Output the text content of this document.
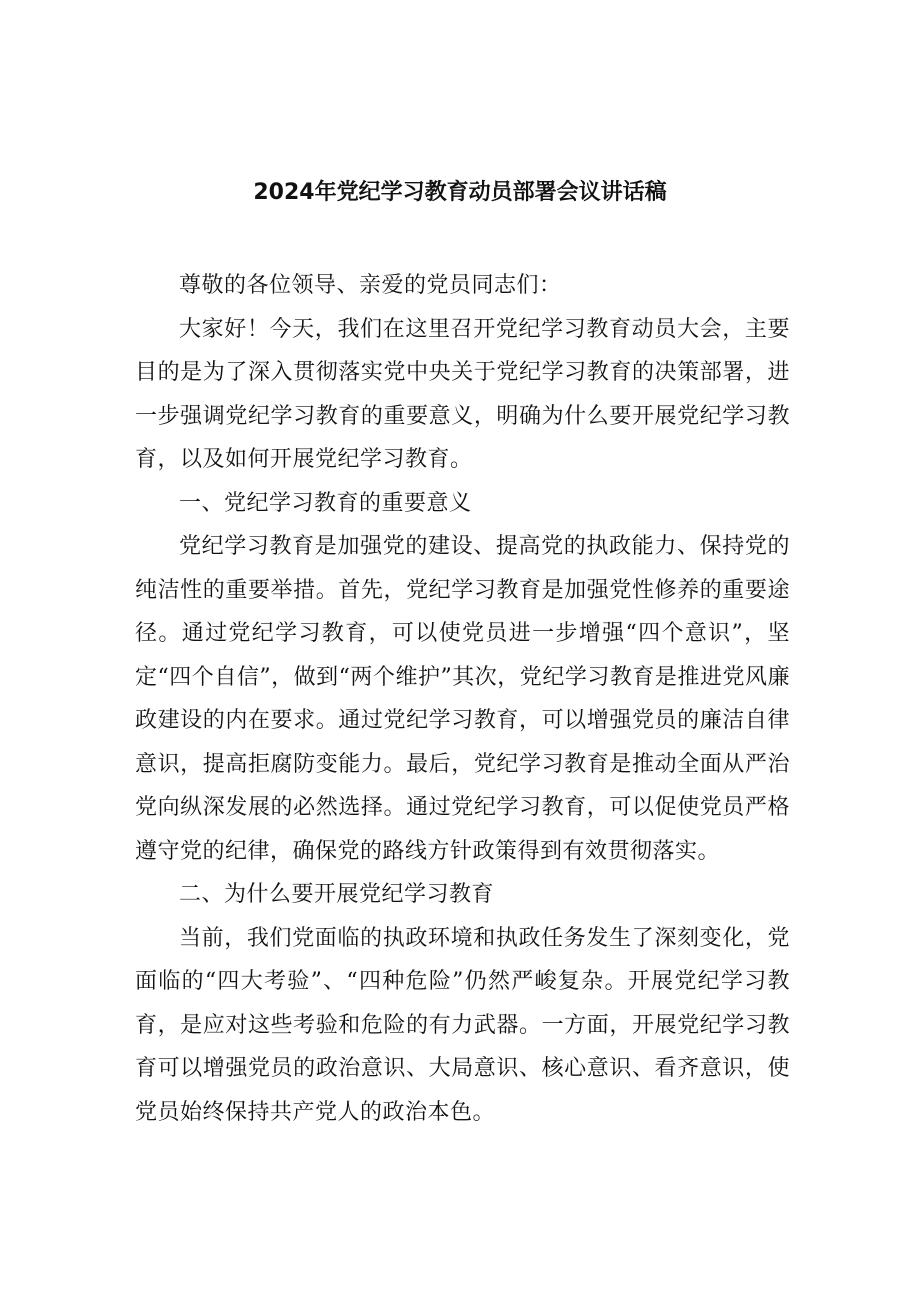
2024年党纪学习教育动员部署会议讲话稿

尊敬的各位领导、亲爱的党员同志们：

大家好！今天，我们在这里召开党纪学习教育动员大会，主要目的是为了深入贯彻落实党中央关于党纪学习教育的决策部署，进一步强调党纪学习教育的重要意义，明确为什么要开展党纪学习教育，以及如何开展党纪学习教育。

一、党纪学习教育的重要意义

党纪学习教育是加强党的建设、提高党的执政能力、保持党的纯洁性的重要举措。首先，党纪学习教育是加强党性修养的重要途径。通过党纪学习教育，可以使党员进一步增强“四个意识”，坚定“四个自信”，做到“两个维护”其次，党纪学习教育是推进党风廉政建设的内在要求。通过党纪学习教育，可以增强党员的廉洁自律意识，提高拒腐防变能力。最后，党纪学习教育是推动全面从严治党向纵深发展的必然选择。通过党纪学习教育，可以促使党员严格遵守党的纪律，确保党的路线方针政策得到有效贯彻落实。

二、为什么要开展党纪学习教育

当前，我们党面临的执政环境和执政任务发生了深刻变化，党面临的“四大考验”、“四种危险”仍然严峻复杂。开展党纪学习教育，是应对这些考验和危险的有力武器。一方面，开展党纪学习教育可以增强党员的政治意识、大局意识、核心意识、看齐意识，使党员始终保持共产党人的政治本色。
